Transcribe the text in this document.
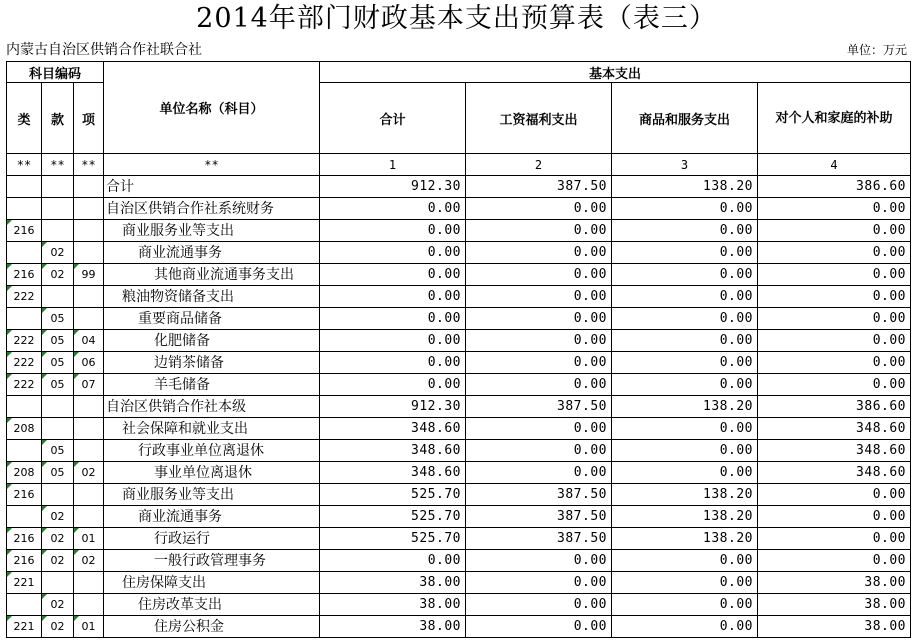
2014年部门财政基本支出预算表（表三）
内蒙古自治区供销合作社联合社	单位：万元
科目编码			单位名称（科目）	基本支出			
类	款	项		合计	工资福利支出	商品和服务支出	对个人和家庭的补助
**	**	**	**	1	2	3	4
			合计	912.30	387.50	138.20	386.60
			自治区供销合作社系统财务	0.00	0.00	0.00	0.00
216			商业服务业等支出	0.00	0.00	0.00	0.00
	02		商业流通事务	0.00	0.00	0.00	0.00
216	02	99	其他商业流通事务支出	0.00	0.00	0.00	0.00
222			粮油物资储备支出	0.00	0.00	0.00	0.00
	05		重要商品储备	0.00	0.00	0.00	0.00
222	05	04	化肥储备	0.00	0.00	0.00	0.00
222	05	06	边销茶储备	0.00	0.00	0.00	0.00
222	05	07	羊毛储备	0.00	0.00	0.00	0.00
			自治区供销合作社本级	912.30	387.50	138.20	386.60
208			社会保障和就业支出	348.60	0.00	0.00	348.60
	05		行政事业单位离退休	348.60	0.00	0.00	348.60
208	05	02	事业单位离退休	348.60	0.00	0.00	348.60
216			商业服务业等支出	525.70	387.50	138.20	0.00
	02		商业流通事务	525.70	387.50	138.20	0.00
216	02	01	行政运行	525.70	387.50	138.20	0.00
216	02	02	一般行政管理事务	0.00	0.00	0.00	0.00
221			住房保障支出	38.00	0.00	0.00	38.00
	02		住房改革支出	38.00	0.00	0.00	38.00
221	02	01	住房公积金	38.00	0.00	0.00	38.00
